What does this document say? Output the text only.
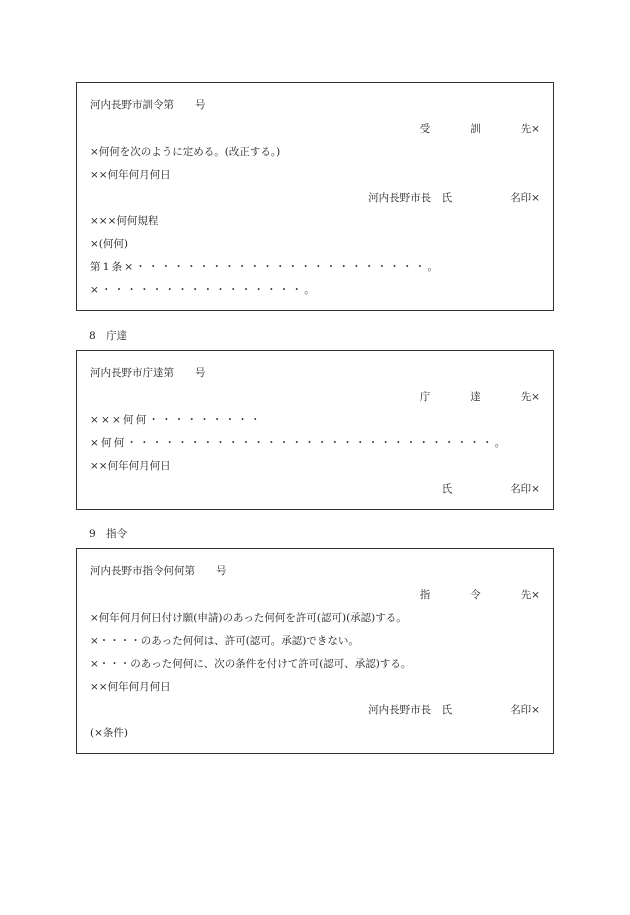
河内長野市訓令第　　号
受	訓	先×
×何何を次のように定める。(改正する。)
××何年何月何日
河内長野市長　氏	名印×
×××何何規程
×(何何)
第1条×・・・・・・・・・・・・・・・・・・・・・・・。
×・・・・・・・・・・・・・・・・。
8　庁達
河内長野市庁達第　　号
庁	達	先×
×××何何・・・・・・・・・
×何何・・・・・・・・・・・・・・・・・・・・・・・・・・・・・。
××何年何月何日
氏	名印×
9　指令
河内長野市指令何何第　　号
指	令	先×
×何年何月何日付け願(申請)のあった何何を許可(認可)(承認)する。
×・・・・のあった何何は、許可(認可。承認)できない。
×・・・のあった何何に、次の条件を付けて許可(認可、承認)する。
××何年何月何日
河内長野市長　氏	名印×
(×条件)
